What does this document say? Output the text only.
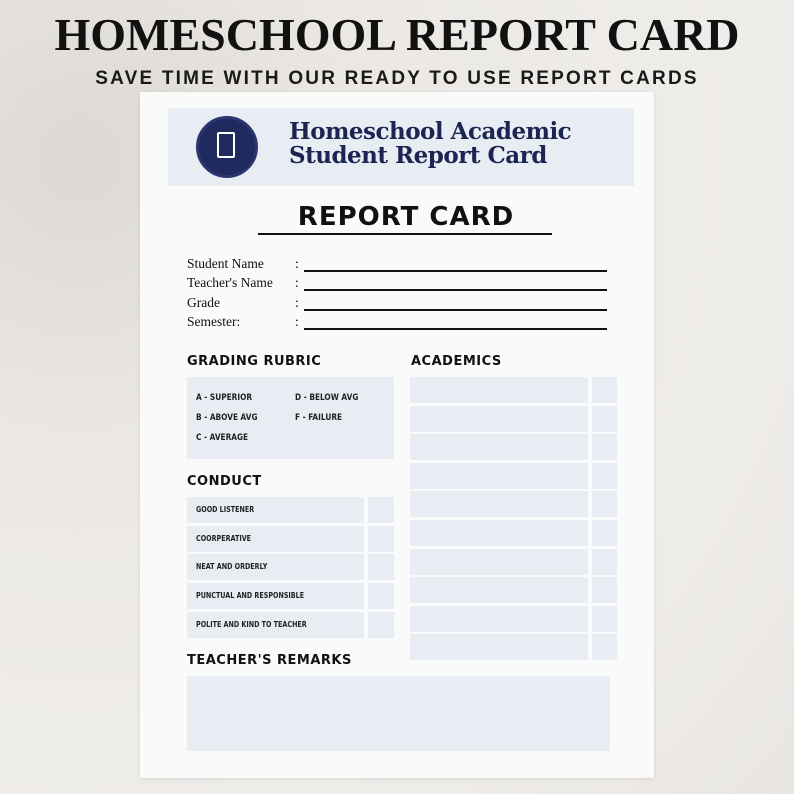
HOMESCHOOL REPORT CARD
SAVE TIME WITH OUR READY TO USE REPORT CARDS
Homeschool Academic
Student Report Card
REPORT CARD
Student Name :
Teacher's Name :
Grade	:
Semester:	:
GRADING RUBRIC
A - SUPERIOR
B - ABOVE AVG
C - AVERAGE
D - BELOW AVG
F - FAILURE
CONDUCT
GOOD LISTENER
COORPERATIVE
NEAT AND ORDERLY
PUNCTUAL AND RESPONSIBLE
POLITE AND KIND TO TEACHER
ACADEMICS
TEACHER'S REMARKS
